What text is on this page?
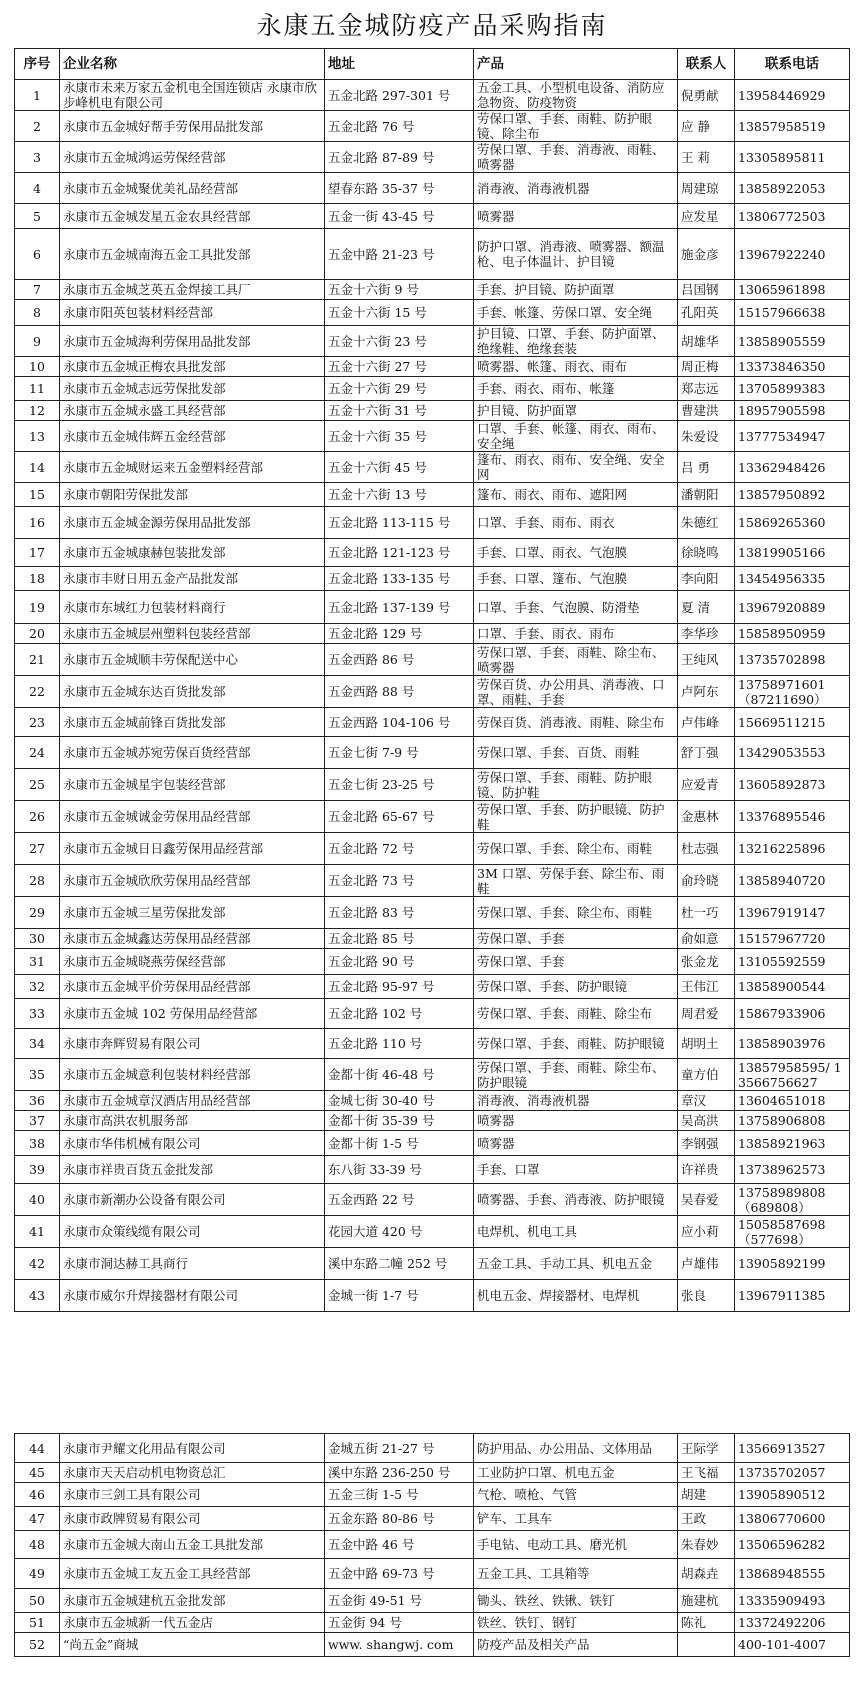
永康五金城防疫产品采购指南
序号	企业名称	地址	产品	联系人	联系电话
1	永康市未来万家五金机电全国连锁店 永康市欣步峰机电有限公司	五金北路 297-301 号	五金工具、小型机电设备、消防应急物资、防疫物资	倪勇献	13958446929
2	永康市五金城好帮手劳保用品批发部	五金北路 76 号	劳保口罩、手套、雨鞋、防护眼镜、除尘布	应 静	13857958519
3	永康市五金城鸿运劳保经营部	五金北路 87-89 号	劳保口罩、手套、消毒液、雨鞋、喷雾器	王 莉	13305895811
4	永康市五金城聚优美礼品经营部	望春东路 35-37 号	消毒液、消毒液机器	周建琼	13858922053
5	永康市五金城发星五金农具经营部	五金一街 43-45 号	喷雾器	应发星	13806772503
6	永康市五金城南海五金工具批发部	五金中路 21-23 号	防护口罩、消毒液、喷雾器、额温枪、电子体温计、护目镜	施金彦	13967922240
7	永康市五金城芝英五金焊接工具厂	五金十六街 9 号	手套、护目镜、防护面罩	吕国钢	13065961898
8	永康市阳英包装材料经营部	五金十六街 15 号	手套、帐篷、劳保口罩、安全绳	孔阳英	15157966638
9	永康市五金城海利劳保用品批发部	五金十六街 23 号	护目镜、口罩、手套、防护面罩、绝缘鞋、绝缘套装	胡雄华	13858905559
10	永康市五金城正梅农具批发部	五金十六街 27 号	喷雾器、帐篷、雨衣、雨布	周正梅	13373846350
11	永康市五金城志远劳保批发部	五金十六街 29 号	手套、雨衣、雨布、帐篷	郑志远	13705899383
12	永康市五金城永盛工具经营部	五金十六街 31 号	护目镜、防护面罩	曹建洪	18957905598
13	永康市五金城伟辉五金经营部	五金十六街 35 号	口罩、手套、帐篷、雨衣、雨布、安全绳	朱爱设	13777534947
14	永康市五金城财运来五金塑料经营部	五金十六街 45 号	篷布、雨衣、雨布、安全绳、安全网	吕 勇	13362948426
15	永康市朝阳劳保批发部	五金十六街 13 号	篷布、雨衣、雨布、遮阳网	潘朝阳	13857950892
16	永康市五金城金源劳保用品批发部	五金北路 113-115 号	口罩、手套、雨布、雨衣	朱德红	15869265360
17	永康市五金城康赫包装批发部	五金北路 121-123 号	手套、口罩、雨衣、气泡膜	徐晓鸣	13819905166
18	永康市丰财日用五金产品批发部	五金北路 133-135 号	手套、口罩、篷布、气泡膜	李向阳	13454956335
19	永康市东城红力包装材料商行	五金北路 137-139 号	口罩、手套、气泡膜、防滑垫	夏 清	13967920889
20	永康市五金城层州塑料包装经营部	五金北路 129 号	口罩、手套、雨衣、雨布	李华珍	15858950959
21	永康市五金城顺丰劳保配送中心	五金西路 86 号	劳保口罩、手套、雨鞋、除尘布、喷雾器	王纯风	13735702898
22	永康市五金城东达百货批发部	五金西路 88 号	劳保百货、办公用具、消毒液、口罩、雨鞋、手套	卢阿东	13758971601 （87211690）
23	永康市五金城前锋百货批发部	五金西路 104-106 号	劳保百货、消毒液、雨鞋、除尘布	卢伟峰	15669511215
24	永康市五金城苏宛劳保百货经营部	五金七街 7-9 号	劳保口罩、手套、百货、雨鞋	舒丁强	13429053553
25	永康市五金城星宇包装经营部	五金七街 23-25 号	劳保口罩、手套、雨鞋、防护眼镜、防护鞋	应爱青	13605892873
26	永康市五金城诚金劳保用品经营部	五金北路 65-67 号	劳保口罩、手套、防护眼镜、防护鞋	金惠林	13376895546
27	永康市五金城日日鑫劳保用品经营部	五金北路 72 号	劳保口罩、手套、除尘布、雨鞋	杜志强	13216225896
28	永康市五金城欣欣劳保用品经营部	五金北路 73 号	3M 口罩、劳保手套、除尘布、雨鞋	俞玲晓	13858940720
29	永康市五金城三星劳保批发部	五金北路 83 号	劳保口罩、手套、除尘布、雨鞋	杜一巧	13967919147
30	永康市五金城鑫达劳保用品经营部	五金北路 85 号	劳保口罩、手套	俞如意	15157967720
31	永康市五金城晓燕劳保经营部	五金北路 90 号	劳保口罩、手套	张金龙	13105592559
32	永康市五金城平价劳保用品经营部	五金北路 95-97 号	劳保口罩、手套、防护眼镜	王伟江	13858900544
33	永康市五金城 102 劳保用品经营部	五金北路 102 号	劳保口罩、手套、雨鞋、除尘布	周君爱	15867933906
34	永康市奔辉贸易有限公司	五金北路 110 号	劳保口罩、手套、雨鞋、防护眼镜	胡明土	13858903976
35	永康市五金城意利包装材料经营部	金都十街 46-48 号	劳保口罩、手套、雨鞋、除尘布、防护眼镜	童方伯	13857958595/ 13566756627
36	永康市五金城章汉酒店用品经营部	金城七街 30-40 号	消毒液、消毒液机器	章汉	13604651018
37	永康市高洪农机服务部	金都十街 35-39 号	喷雾器	吴高洪	13758906808
38	永康市华伟机械有限公司	金都十街 1-5 号	喷雾器	李钢强	13858921963
39	永康市祥贵百货五金批发部	东八街 33-39 号	手套、口罩	许祥贵	13738962573
40	永康市新潮办公设备有限公司	五金西路 22 号	喷雾器、手套、消毒液、防护眼镜	吴春爱	13758989808 （689808）
41	永康市众策线缆有限公司	花园大道 420 号	电焊机、机电工具	应小莉	15058587698 （577698）
42	永康市洞达赫工具商行	溪中东路二幢 252 号	五金工具、手动工具、机电五金	卢雄伟	13905892199
43	永康市威尔升焊接器材有限公司	金城一街 1-7 号	机电五金、焊接器材、电焊机	张良	13967911385
44	永康市尹耀文化用品有限公司	金城五街 21-27 号	防护用品、办公用品、文体用品	王际学	13566913527
45	永康市天天启动机电物资总汇	溪中东路 236-250 号	工业防护口罩、机电五金	王飞福	13735702057
46	永康市三剑工具有限公司	五金三街 1-5 号	气枪、喷枪、气管	胡建	13905890512
47	永康市政牌贸易有限公司	五金东路 80-86 号	铲车、工具车	王政	13806770600
48	永康市五金城大南山五金工具批发部	五金中路 46 号	手电钻、电动工具、磨光机	朱春妙	13506596282
49	永康市五金城工友五金工具经营部	五金中路 69-73 号	五金工具、工具箱等	胡森垚	13868948555
50	永康市五金城建杭五金批发部	五金街 49-51 号	锄头、铁丝、铁锹、铁钉	施建杭	13335909493
51	永康市五金城新一代五金店	五金街 94 号	铁丝、铁钉、钢钉	陈礼	13372492206
52	“尚五金”商城	www. shangwj. com	防疫产品及相关产品		400-101-4007
